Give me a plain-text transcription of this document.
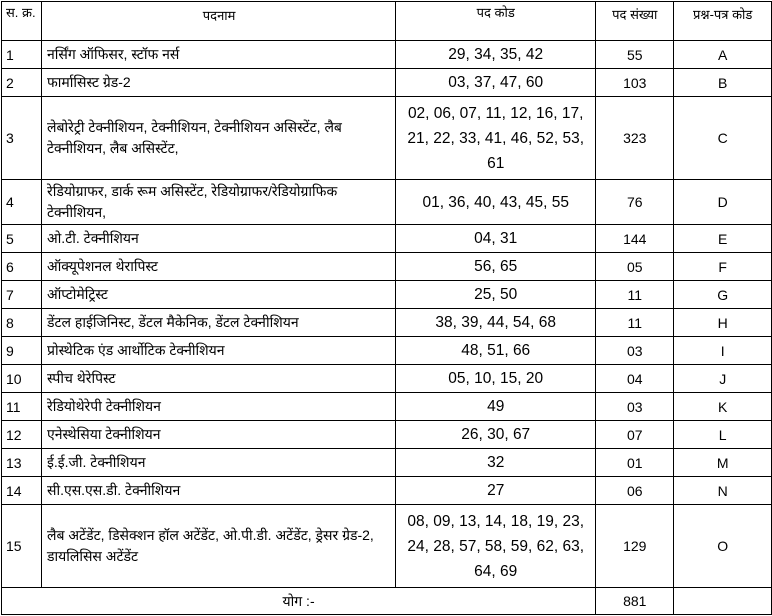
स. क्र.	पदनाम	पद कोड	पद संख्या	प्रश्न-पत्र कोड
1	नर्सिंग ऑफिसर, स्टॉफ नर्स	29, 34, 35, 42	55	A
2	फार्मासिस्ट ग्रेड-2	03, 37, 47, 60	103	B
3	लेबोरेट्री टेक्नीशियन, टेक्नीशियन, टेक्नीशियन असिस्टेंट, लैब टेक्नीशियन, लैब असिस्टेंट,	02, 06, 07, 11, 12, 16, 17, 21, 22, 33, 41, 46, 52, 53, 61	323	C
4	रेडियोग्राफर, डार्क रूम असिस्टेंट, रेडियोग्राफर/रेडियोग्राफिक टेक्नीशियन,	01, 36, 40, 43, 45, 55	76	D
5	ओ.टी. टेक्नीशियन	04, 31	144	E
6	ऑक्यूपेशनल थेरापिस्ट	56, 65	05	F
7	ऑप्टोमेट्रिस्ट	25, 50	11	G
8	डेंटल हाईजिनिस्ट, डेंटल मैकेनिक, डेंटल टेक्नीशियन	38, 39, 44, 54, 68	11	H
9	प्रोस्थेटिक एंड आर्थोटिक टेक्नीशियन	48, 51, 66	03	I
10	स्पीच थेरेपिस्ट	05, 10, 15, 20	04	J
11	रेडियोथेरेपी टेक्नीशियन	49	03	K
12	एनेस्थेसिया टेक्नीशियन	26, 30, 67	07	L
13	ई.ई.जी. टेक्नीशियन	32	01	M
14	सी.एस.एस.डी. टेक्नीशियन	27	06	N
15	लैब अटेंडेंट, डिसेक्शन हॉल अटेंडेंट, ओ.पी.डी. अटेंडेंट, ड्रेसर ग्रेड-2, डायलिसिस अटेंडेंट	08, 09, 13, 14, 18, 19, 23, 24, 28, 57, 58, 59, 62, 63, 64, 69	129	O
योग :-			881	
